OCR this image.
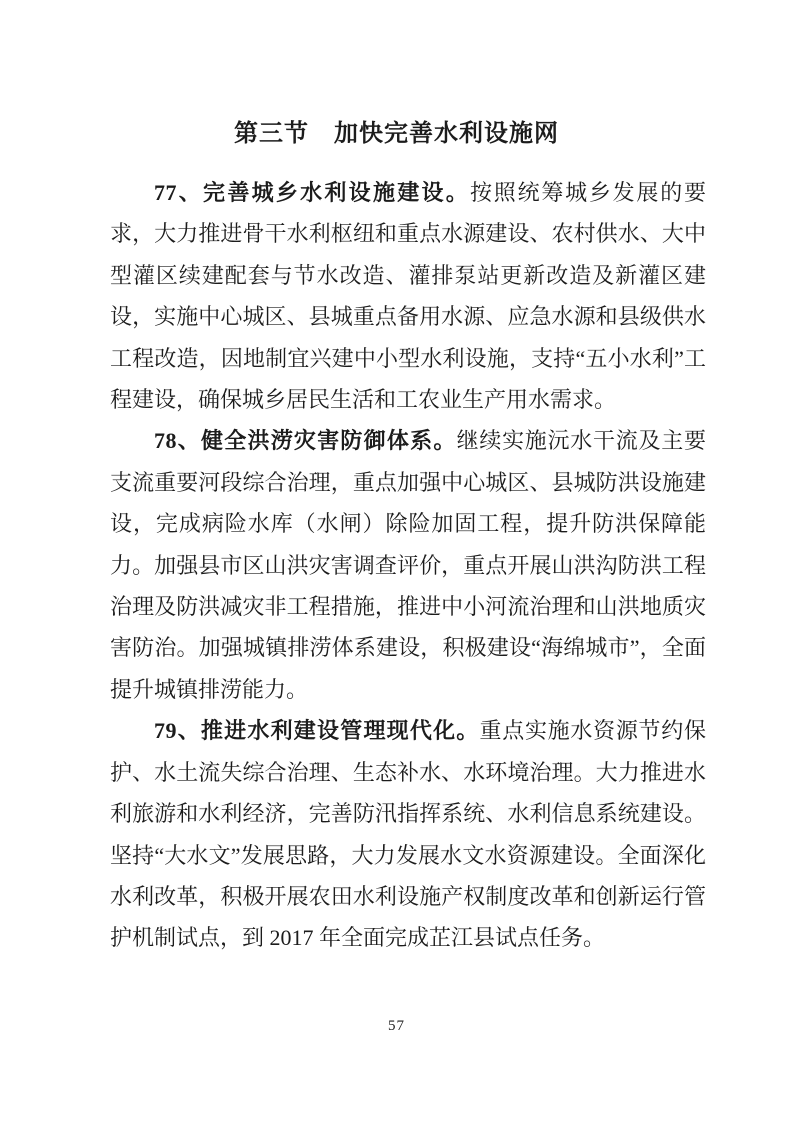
第三节　加快完善水利设施网

77、完善城乡水利设施建设。按照统筹城乡发展的要求，大力推进骨干水利枢纽和重点水源建设、农村供水、大中型灌区续建配套与节水改造、灌排泵站更新改造及新灌区建设，实施中心城区、县城重点备用水源、应急水源和县级供水工程改造，因地制宜兴建中小型水利设施，支持“五小水利”工程建设，确保城乡居民生活和工农业生产用水需求。

78、健全洪涝灾害防御体系。继续实施沅水干流及主要支流重要河段综合治理，重点加强中心城区、县城防洪设施建设，完成病险水库（水闸）除险加固工程，提升防洪保障能力。加强县市区山洪灾害调查评价，重点开展山洪沟防洪工程治理及防洪减灾非工程措施，推进中小河流治理和山洪地质灾害防治。加强城镇排涝体系建设，积极建设“海绵城市”，全面提升城镇排涝能力。

79、推进水利建设管理现代化。重点实施水资源节约保护、水土流失综合治理、生态补水、水环境治理。大力推进水利旅游和水利经济，完善防汛指挥系统、水利信息系统建设。坚持“大水文”发展思路，大力发展水文水资源建设。全面深化水利改革，积极开展农田水利设施产权制度改革和创新运行管护机制试点，到 2017 年全面完成芷江县试点任务。

57
